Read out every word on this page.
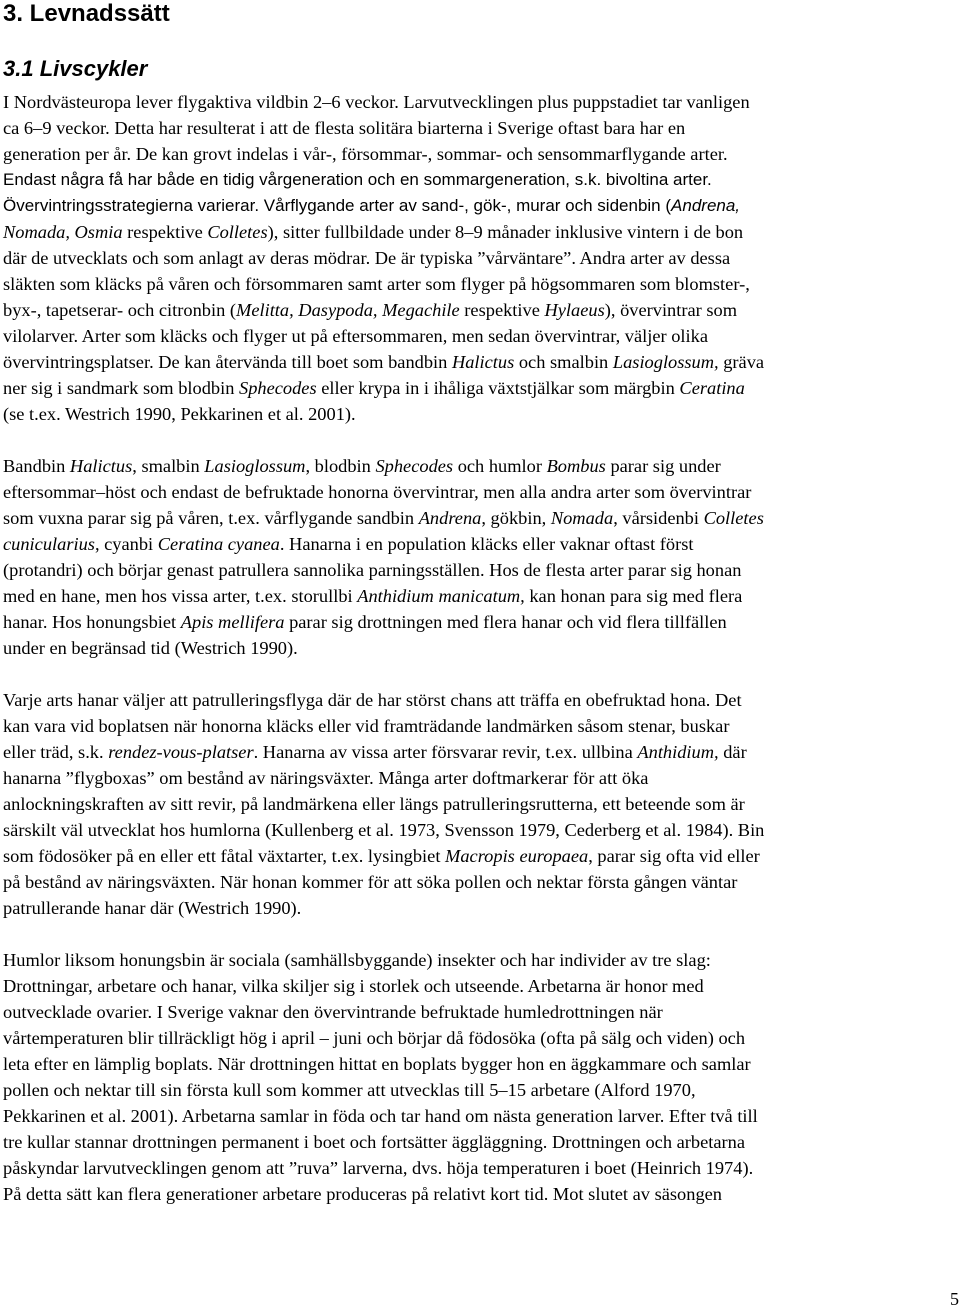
3. Levnadssätt
3.1 Livscykler
I Nordvästeuropa lever flygaktiva vildbin 2–6 veckor. Larvutvecklingen plus puppstadiet tar vanligen
ca 6–9 veckor. Detta har resulterat i att de flesta solitära biarterna i Sverige oftast bara har en
generation per år. De kan grovt indelas i vår-, försommar-, sommar- och sensommarflygande arter.
Endast några få har både en tidig vårgeneration och en sommargeneration, s.k. bivoltina arter.
Övervintringsstrategierna varierar. Vårflygande arter av sand-, gök-, murar och sidenbin (Andrena,
Nomada, Osmia respektive Colletes), sitter fullbildade under 8–9 månader inklusive vintern i de bon
där de utvecklats och som anlagt av deras mödrar. De är typiska ”vårväntare”. Andra arter av dessa
släkten som kläcks på våren och försommaren samt arter som flyger på högsommaren som blomster-,
byx-, tapetserar- och citronbin (Melitta, Dasypoda, Megachile respektive Hylaeus), övervintrar som
vilolarver. Arter som kläcks och flyger ut på eftersommaren, men sedan övervintrar, väljer olika
övervintringsplatser. De kan återvända till boet som bandbin Halictus och smalbin Lasioglossum, gräva
ner sig i sandmark som blodbin Sphecodes eller krypa in i ihåliga växtstjälkar som märgbin Ceratina
(se t.ex. Westrich 1990, Pekkarinen et al. 2001).
Bandbin Halictus, smalbin Lasioglossum, blodbin Sphecodes och humlor Bombus parar sig under
eftersommar–höst och endast de befruktade honorna övervintrar, men alla andra arter som övervintrar
som vuxna parar sig på våren, t.ex. vårflygande sandbin Andrena, gökbin, Nomada, vårsidenbi Colletes
cunicularius, cyanbi Ceratina cyanea. Hanarna i en population kläcks eller vaknar oftast först
(protandri) och börjar genast patrullera sannolika parningsställen. Hos de flesta arter parar sig honan
med en hane, men hos vissa arter, t.ex. storullbi Anthidium manicatum, kan honan para sig med flera
hanar. Hos honungsbiet Apis mellifera parar sig drottningen med flera hanar och vid flera tillfällen
under en begränsad tid (Westrich 1990).
Varje arts hanar väljer att patrulleringsflyga där de har störst chans att träffa en obefruktad hona. Det
kan vara vid boplatsen när honorna kläcks eller vid framträdande landmärken såsom stenar, buskar
eller träd, s.k. rendez-vous-platser. Hanarna av vissa arter försvarar revir, t.ex. ullbina Anthidium, där
hanarna ”flygboxas” om bestånd av näringsväxter. Många arter doftmarkerar för att öka
anlockningskraften av sitt revir, på landmärkena eller längs patrulleringsrutterna, ett beteende som är
särskilt väl utvecklat hos humlorna (Kullenberg et al. 1973, Svensson 1979, Cederberg et al. 1984). Bin
som födosöker på en eller ett fåtal växtarter, t.ex. lysingbiet Macropis europaea, parar sig ofta vid eller
på bestånd av näringsväxten. När honan kommer för att söka pollen och nektar första gången väntar
patrullerande hanar där (Westrich 1990).
Humlor liksom honungsbin är sociala (samhällsbyggande) insekter och har individer av tre slag:
Drottningar, arbetare och hanar, vilka skiljer sig i storlek och utseende. Arbetarna är honor med
outvecklade ovarier. I Sverige vaknar den övervintrande befruktade humledrottningen när
vårtemperaturen blir tillräckligt hög i april – juni och börjar då födosöka (ofta på sälg och viden) och
leta efter en lämplig boplats. När drottningen hittat en boplats bygger hon en äggkammare och samlar
pollen och nektar till sin första kull som kommer att utvecklas till 5–15 arbetare (Alford 1970,
Pekkarinen et al. 2001). Arbetarna samlar in föda och tar hand om nästa generation larver. Efter två till
tre kullar stannar drottningen permanent i boet och fortsätter äggläggning. Drottningen och arbetarna
påskyndar larvutvecklingen genom att ”ruva” larverna, dvs. höja temperaturen i boet (Heinrich 1974).
På detta sätt kan flera generationer arbetare produceras på relativt kort tid. Mot slutet av säsongen
5
